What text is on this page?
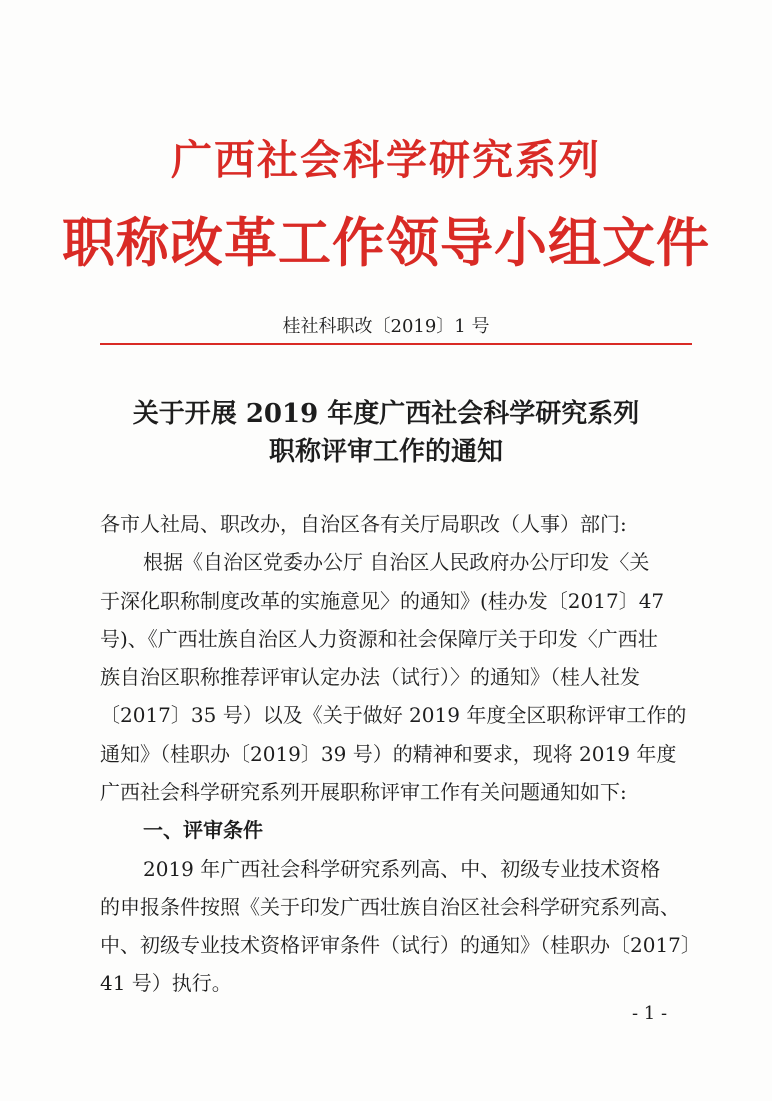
广西社会科学研究系列
职称改革工作领导小组文件
桂社科职改〔2019〕1 号
关于开展 2019 年度广西社会科学研究系列
职称评审工作的通知
各市人社局、职改办，自治区各有关厅局职改（人事）部门:
根据《自治区党委办公厅 自治区人民政府办公厅印发〈关
于深化职称制度改革的实施意见〉的通知》(桂办发〔2017〕47
号)、《广西壮族自治区人力资源和社会保障厅关于印发〈广西壮
族自治区职称推荐评审认定办法（试行）〉的通知》（桂人社发
〔2017〕35 号）以及《关于做好 2019 年度全区职称评审工作的
通知》（桂职办〔2019〕39 号）的精神和要求，现将 2019 年度
广西社会科学研究系列开展职称评审工作有关问题通知如下:
一、评审条件
2019 年广西社会科学研究系列高、中、初级专业技术资格
的申报条件按照《关于印发广西壮族自治区社会科学研究系列高、
中、初级专业技术资格评审条件（试行）的通知》（桂职办〔2017〕
41 号）执行。
- 1 -
